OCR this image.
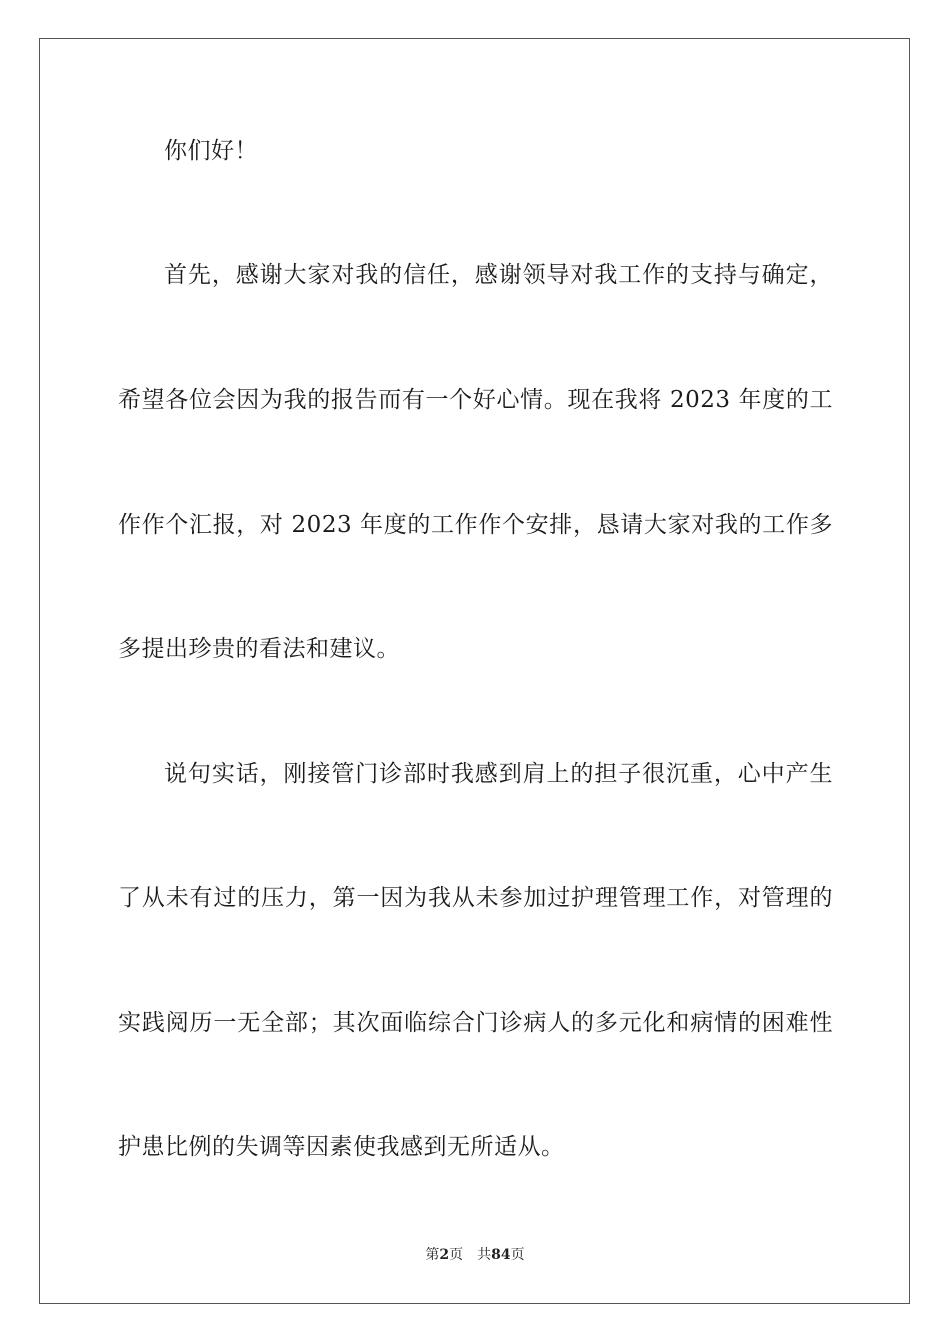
你们好！
首先，感谢大家对我的信任，感谢领导对我工作的支持与确定，
希望各位会因为我的报告而有一个好心情。现在我将 2023 年度的工
作作个汇报，对 2023 年度的工作作个安排，恳请大家对我的工作多
多提出珍贵的看法和建议。
说句实话，刚接管门诊部时我感到肩上的担子很沉重，心中产生
了从未有过的压力，第一因为我从未参加过护理管理工作，对管理的
实践阅历一无全部；其次面临综合门诊病人的多元化和病情的困难性
护患比例的失调等因素使我感到无所适从。
第2页 共84页
